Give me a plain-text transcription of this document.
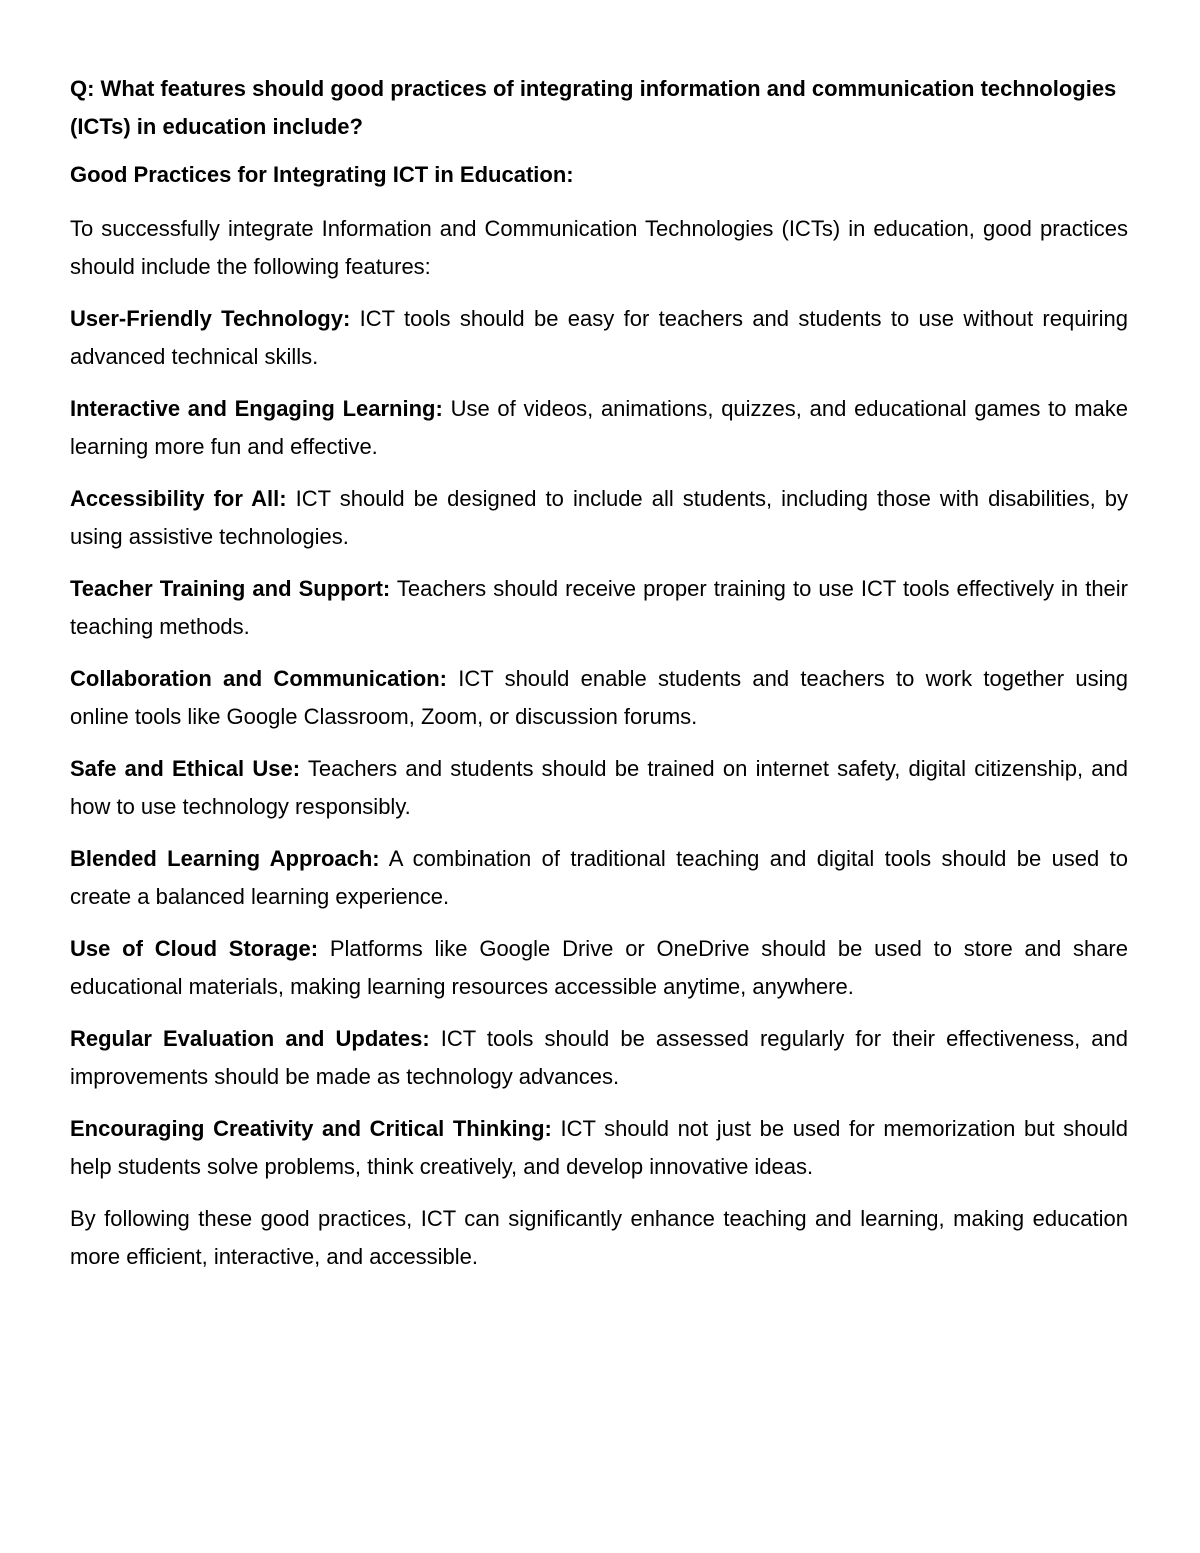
Q: What features should good practices of integrating information and communication technologies (ICTs) in education include?

Good Practices for Integrating ICT in Education:

To successfully integrate Information and Communication Technologies (ICTs) in education, good practices should include the following features:

User-Friendly Technology: ICT tools should be easy for teachers and students to use without requiring advanced technical skills.

Interactive and Engaging Learning: Use of videos, animations, quizzes, and educational games to make learning more fun and effective.

Accessibility for All: ICT should be designed to include all students, including those with disabilities, by using assistive technologies.

Teacher Training and Support: Teachers should receive proper training to use ICT tools effectively in their teaching methods.

Collaboration and Communication: ICT should enable students and teachers to work together using online tools like Google Classroom, Zoom, or discussion forums.

Safe and Ethical Use: Teachers and students should be trained on internet safety, digital citizenship, and how to use technology responsibly.

Blended Learning Approach: A combination of traditional teaching and digital tools should be used to create a balanced learning experience.

Use of Cloud Storage: Platforms like Google Drive or OneDrive should be used to store and share educational materials, making learning resources accessible anytime, anywhere.

Regular Evaluation and Updates: ICT tools should be assessed regularly for their effectiveness, and improvements should be made as technology advances.

Encouraging Creativity and Critical Thinking: ICT should not just be used for memorization but should help students solve problems, think creatively, and develop innovative ideas.

By following these good practices, ICT can significantly enhance teaching and learning, making education more efficient, interactive, and accessible.
